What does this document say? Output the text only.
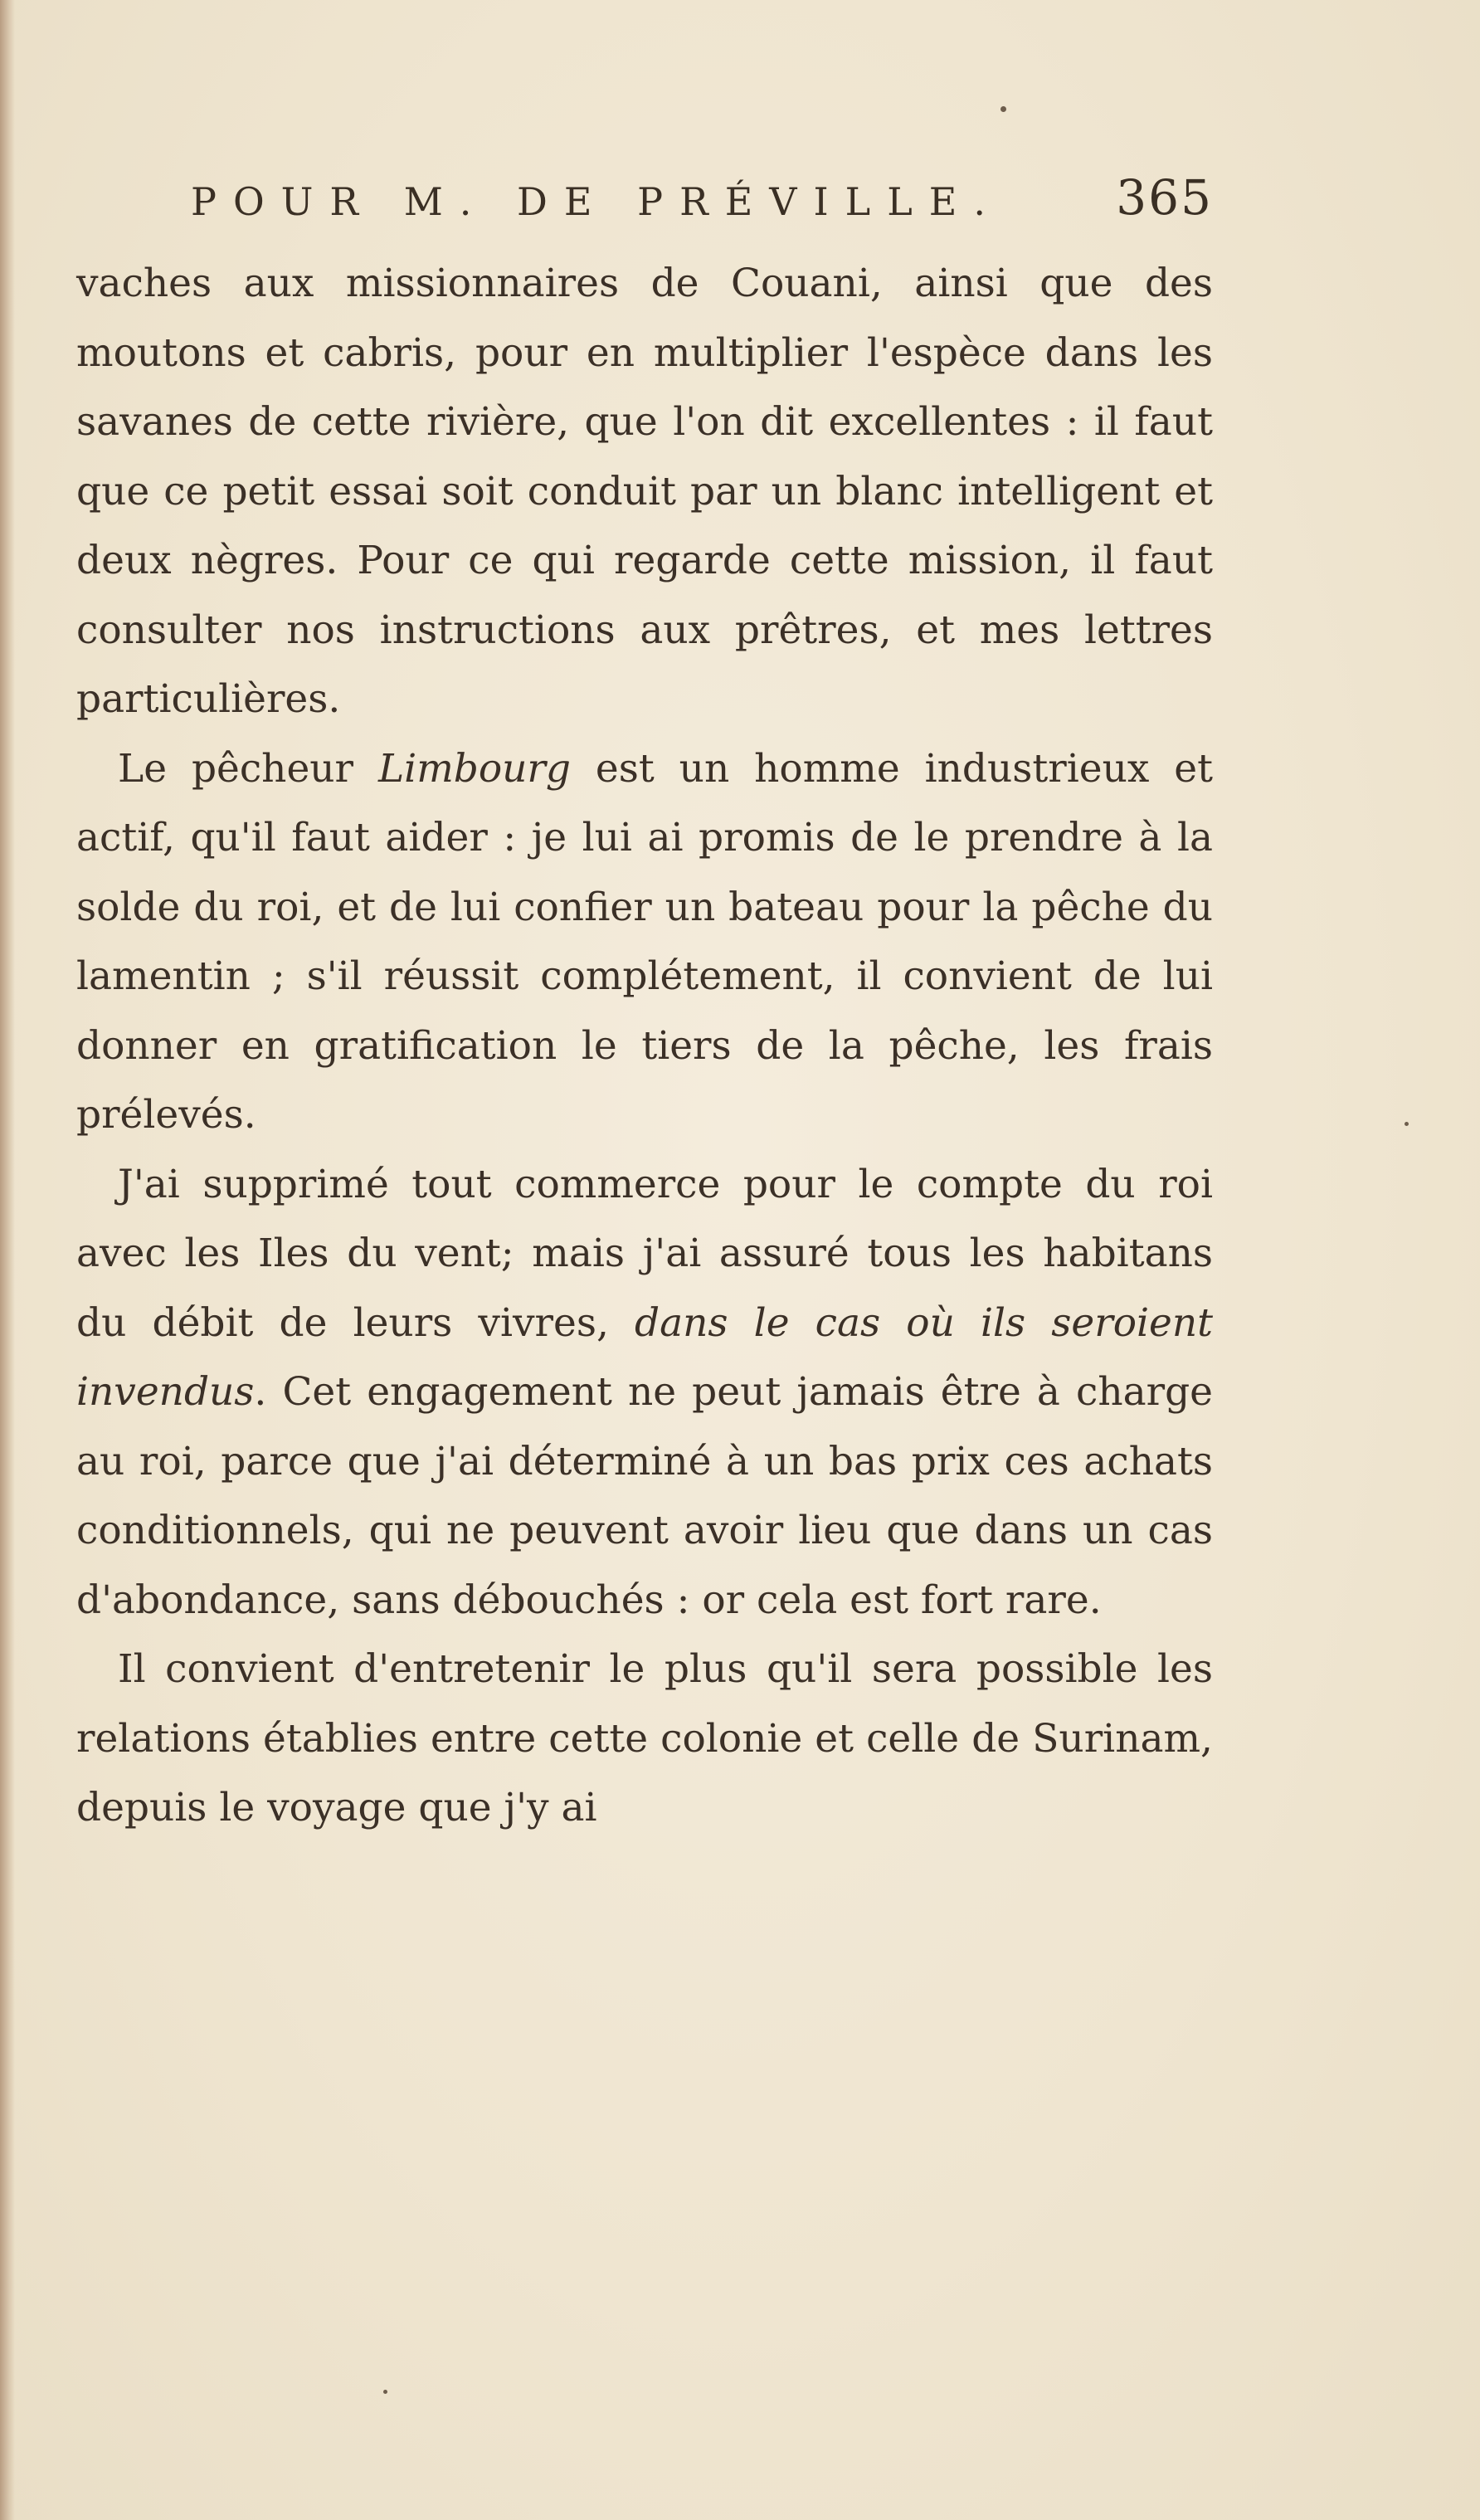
POUR M. DE PRÉVILLE. 365

vaches aux missionnaires de Couani, ainsi que des moutons et cabris, pour en multiplier l'espèce dans les savanes de cette rivière, que l'on dit excellentes : il faut que ce petit essai soit conduit par un blanc intelligent et deux nègres. Pour ce qui regarde cette mission, il faut consulter nos instructions aux prêtres, et mes lettres particulières.

Le pêcheur Limbourg est un homme industrieux et actif, qu'il faut aider : je lui ai promis de le prendre à la solde du roi, et de lui confier un bateau pour la pêche du lamentin ; s'il réussit complétement, il convient de lui donner en gratification le tiers de la pêche, les frais prélevés.

J'ai supprimé tout commerce pour le compte du roi avec les Iles du vent; mais j'ai assuré tous les habitans du débit de leurs vivres, dans le cas où ils seroient invendus. Cet engagement ne peut jamais être à charge au roi, parce que j'ai déterminé à un bas prix ces achats conditionnels, qui ne peuvent avoir lieu que dans un cas d'abondance, sans débouchés : or cela est fort rare.

Il convient d'entretenir le plus qu'il sera possible les relations établies entre cette colonie et celle de Surinam, depuis le voyage que j'y ai
